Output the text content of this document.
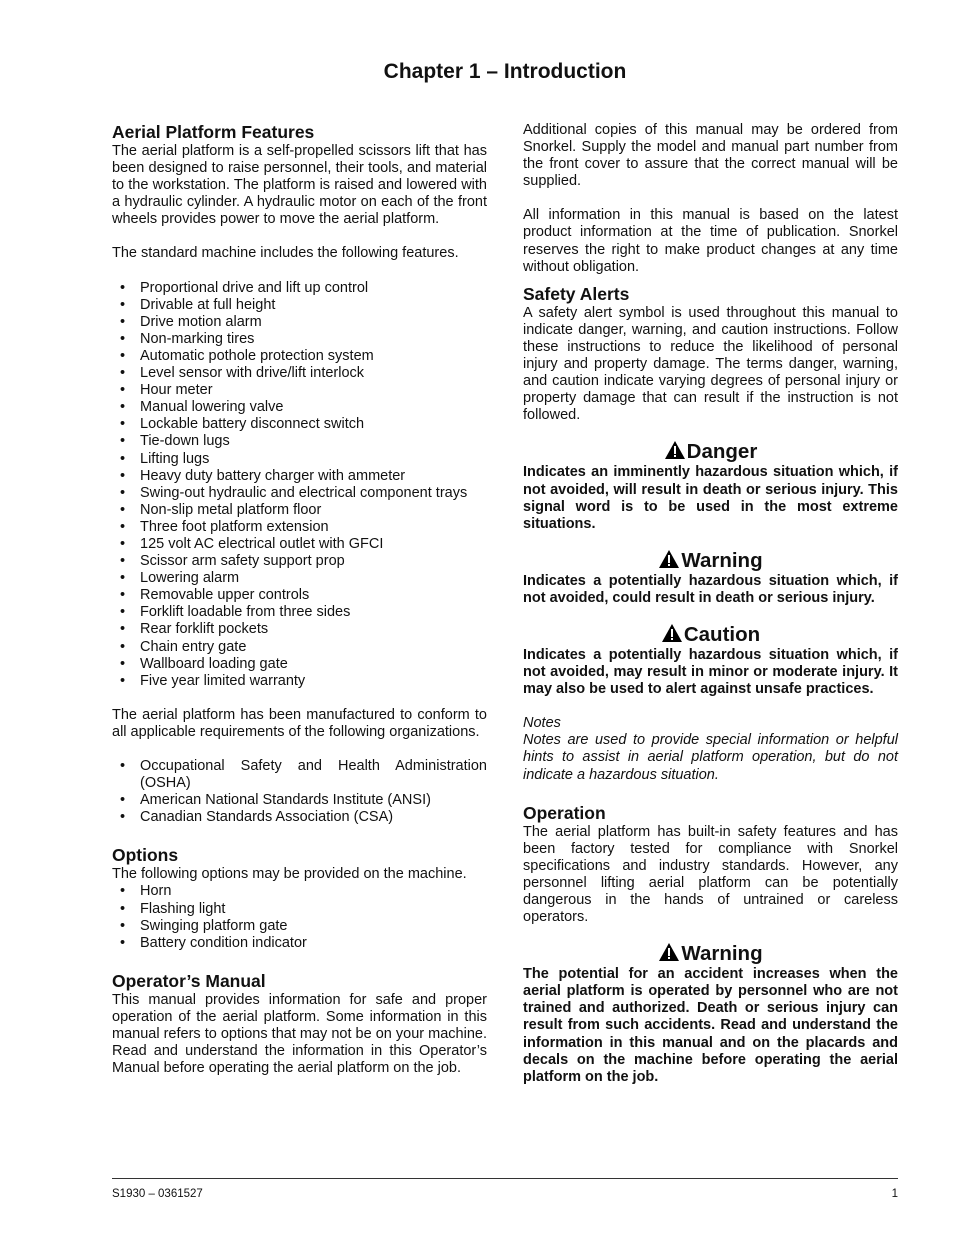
Chapter 1 – Introduction
Aerial Platform Features

The aerial platform is a self-propelled scissors lift that has been designed to raise personnel, their tools, and material to the workstation. The platform is raised and lowered with a hydraulic cylinder. A hydraulic motor on each of the front wheels provides power to move the aerial platform.

The standard machine includes the following features.

• Proportional drive and lift up control
• Drivable at full height
• Drive motion alarm
• Non-marking tires
• Automatic pothole protection system
• Level sensor with drive/lift interlock
• Hour meter
• Manual lowering valve
• Lockable battery disconnect switch
• Tie-down lugs
• Lifting lugs
• Heavy duty battery charger with ammeter
• Swing-out hydraulic and electrical component trays
• Non-slip metal platform floor
• Three foot platform extension
• 125 volt AC electrical outlet with GFCI
• Scissor arm safety support prop
• Lowering alarm
• Removable upper controls
• Forklift loadable from three sides
• Rear forklift pockets
• Chain entry gate
• Wallboard loading gate
• Five year limited warranty

The aerial platform has been manufactured to conform to all applicable requirements of the following organizations.

• Occupational Safety and Health Administration (OSHA)
• American National Standards Institute (ANSI)
• Canadian Standards Association (CSA)
Options

The following options may be provided on the machine.

• Horn
• Flashing light
• Swinging platform gate
• Battery condition indicator
Operator’s Manual

This manual provides information for safe and proper operation of the aerial platform. Some information in this manual refers to options that may not be on your machine. Read and understand the information in this Operator’s Manual before operating the aerial platform on the job.

Additional copies of this manual may be ordered from Snorkel. Supply the model and manual part number from the front cover to assure that the correct manual will be supplied.

All information in this manual is based on the latest product information at the time of publication. Snorkel reserves the right to make product changes at any time without obligation.

Safety Alerts

A safety alert symbol is used throughout this manual to indicate danger, warning, and caution instructions. Follow these instructions to reduce the likelihood of personal injury and property damage. The terms danger, warning, and caution indicate varying degrees of personal injury or property damage that can result if the instruction is not followed.

Danger

Indicates an imminently hazardous situation which, if not avoided, will result in death or serious injury. This signal word is to be used in the most extreme situations.

Warning

Indicates a potentially hazardous situation which, if not avoided, could result in death or serious injury.

Caution

Indicates a potentially hazardous situation which, if not avoided, may result in minor or moderate injury. It may also be used to alert against unsafe practices.

Notes

Notes are used to provide special information or helpful hints to assist in aerial platform operation, but do not indicate a hazardous situation.

Operation

The aerial platform has built-in safety features and has been factory tested for compliance with Snorkel specifications and industry standards. However, any personnel lifting aerial platform can be potentially dangerous in the hands of untrained or careless operators.

Warning

The potential for an accident increases when the aerial platform is operated by personnel who are not trained and authorized. Death or serious injury can result from such accidents. Read and understand the information in this manual and on the placards and decals on the machine before operating the aerial platform on the job.

S1930 – 0361527	1
